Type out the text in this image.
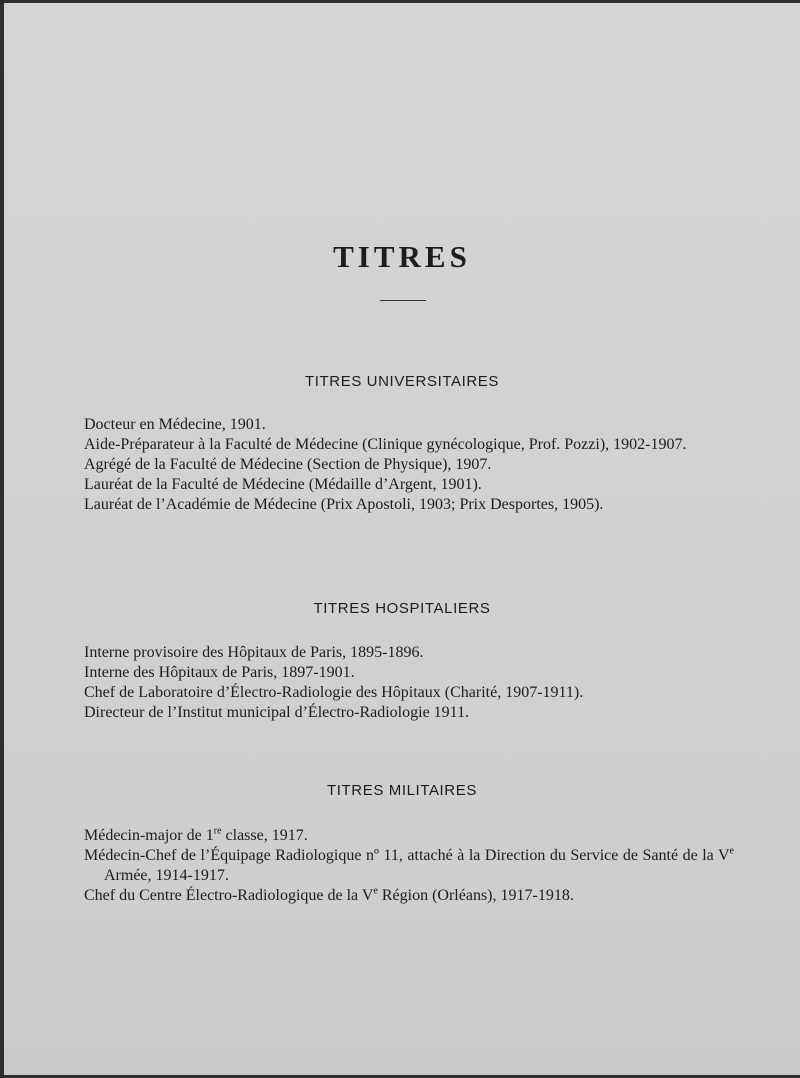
TITRES
TITRES UNIVERSITAIRES
Docteur en Médecine, 1901.
Aide-Préparateur à la Faculté de Médecine (Clinique gynécologique, Prof. Pozzi), 1902-1907.
Agrégé de la Faculté de Médecine (Section de Physique), 1907.
Lauréat de la Faculté de Médecine (Médaille d’Argent, 1901).
Lauréat de l’Académie de Médecine (Prix Apostoli, 1903; Prix Desportes, 1905).
TITRES HOSPITALIERS
Interne provisoire des Hôpitaux de Paris, 1895-1896.
Interne des Hôpitaux de Paris, 1897-1901.
Chef de Laboratoire d’Électro-Radiologie des Hôpitaux (Charité, 1907-1911).
Directeur de l’Institut municipal d’Électro-Radiologie 1911.
TITRES MILITAIRES
Médecin-major de 1re classe, 1917.
Médecin-Chef de l’Équipage Radiologique nº 11, attaché à la Direction du Service de Santé de la Ve Armée, 1914-1917.
Chef du Centre Électro-Radiologique de la Ve Région (Orléans), 1917-1918.
